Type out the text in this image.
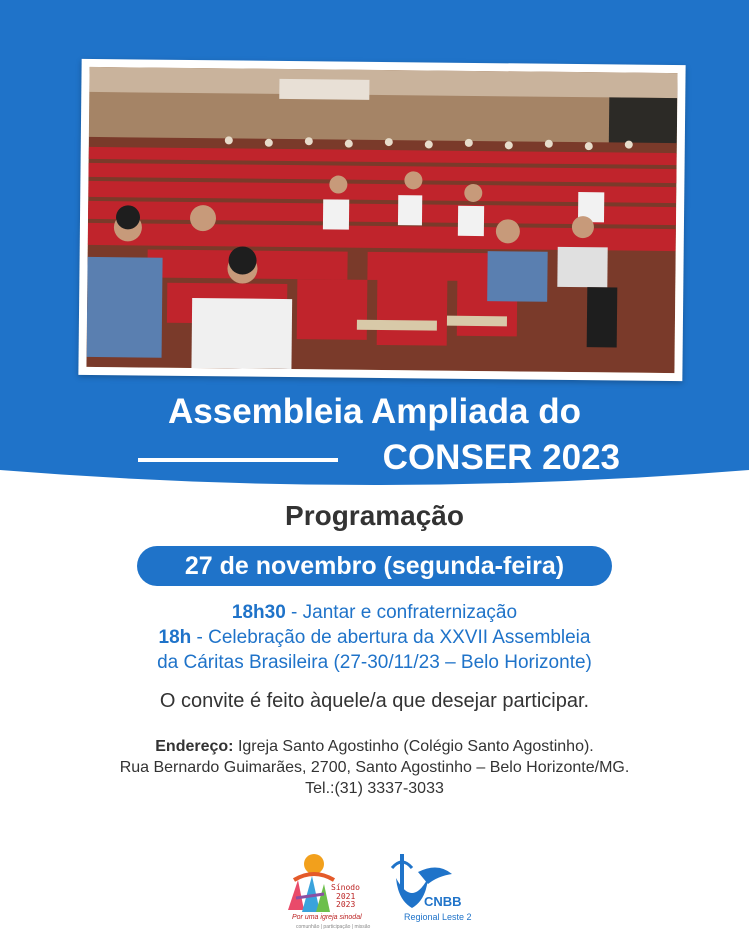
Assembleia Ampliada do
CONSER 2023
Programação
27 de novembro (segunda-feira)
18h30 - Jantar e confraternização
18h - Celebração de abertura da XXVII Assembleia
da Cáritas Brasileira (27-30/11/23 – Belo Horizonte)
O convite é feito àquele/a que desejar participar.
Endereço: Igreja Santo Agostinho (Colégio Santo Agostinho).
Rua Bernardo Guimarães, 2700, Santo Agostinho – Belo Horizonte/MG.
Tel.:(31) 3337-3033
Sínodo
2021
2023
Por uma igreja sinodal
comunhão | participação | missão
CNBB
Regional Leste 2
